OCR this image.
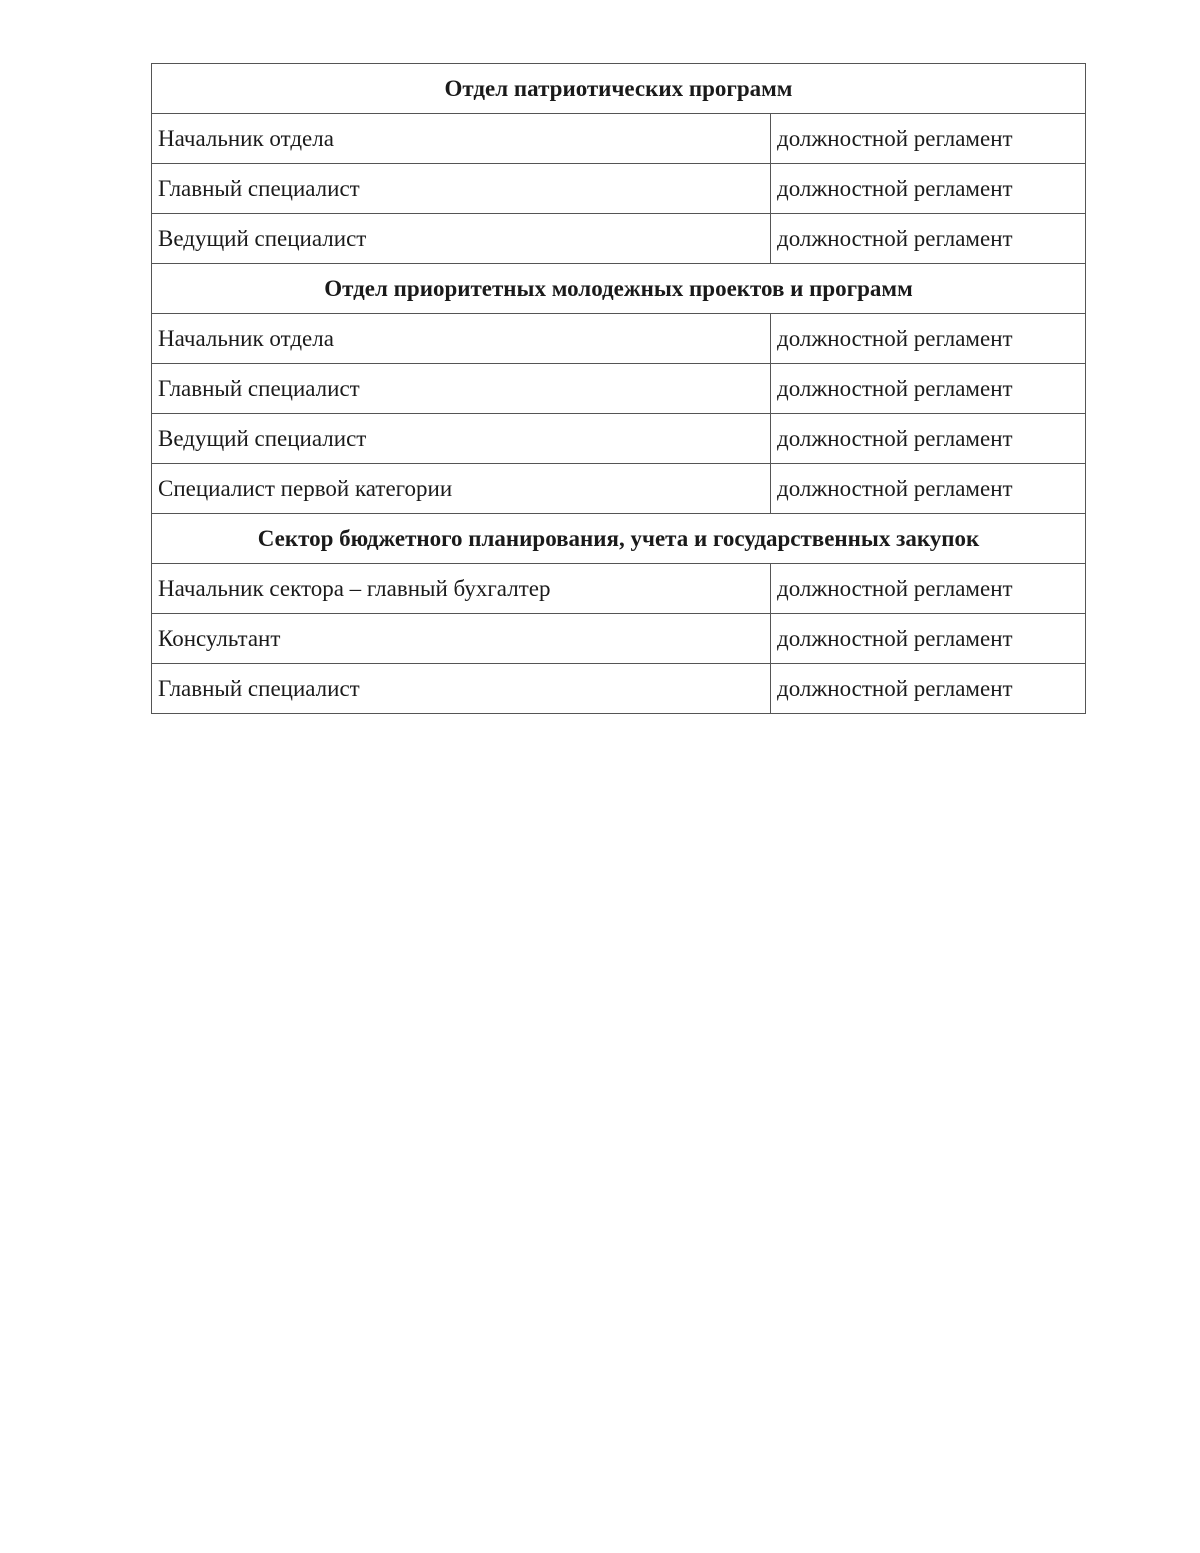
Отдел патриотических программ	
Начальник отдела	должностной регламент
Главный специалист	должностной регламент
Ведущий специалист	должностной регламент
Отдел приоритетных молодежных проектов и программ	
Начальник отдела	должностной регламент
Главный специалист	должностной регламент
Ведущий специалист	должностной регламент
Специалист первой категории	должностной регламент
Сектор бюджетного планирования, учета и государственных закупок	
Начальник сектора – главный бухгалтер	должностной регламент
Консультант	должностной регламент
Главный специалист	должностной регламент
